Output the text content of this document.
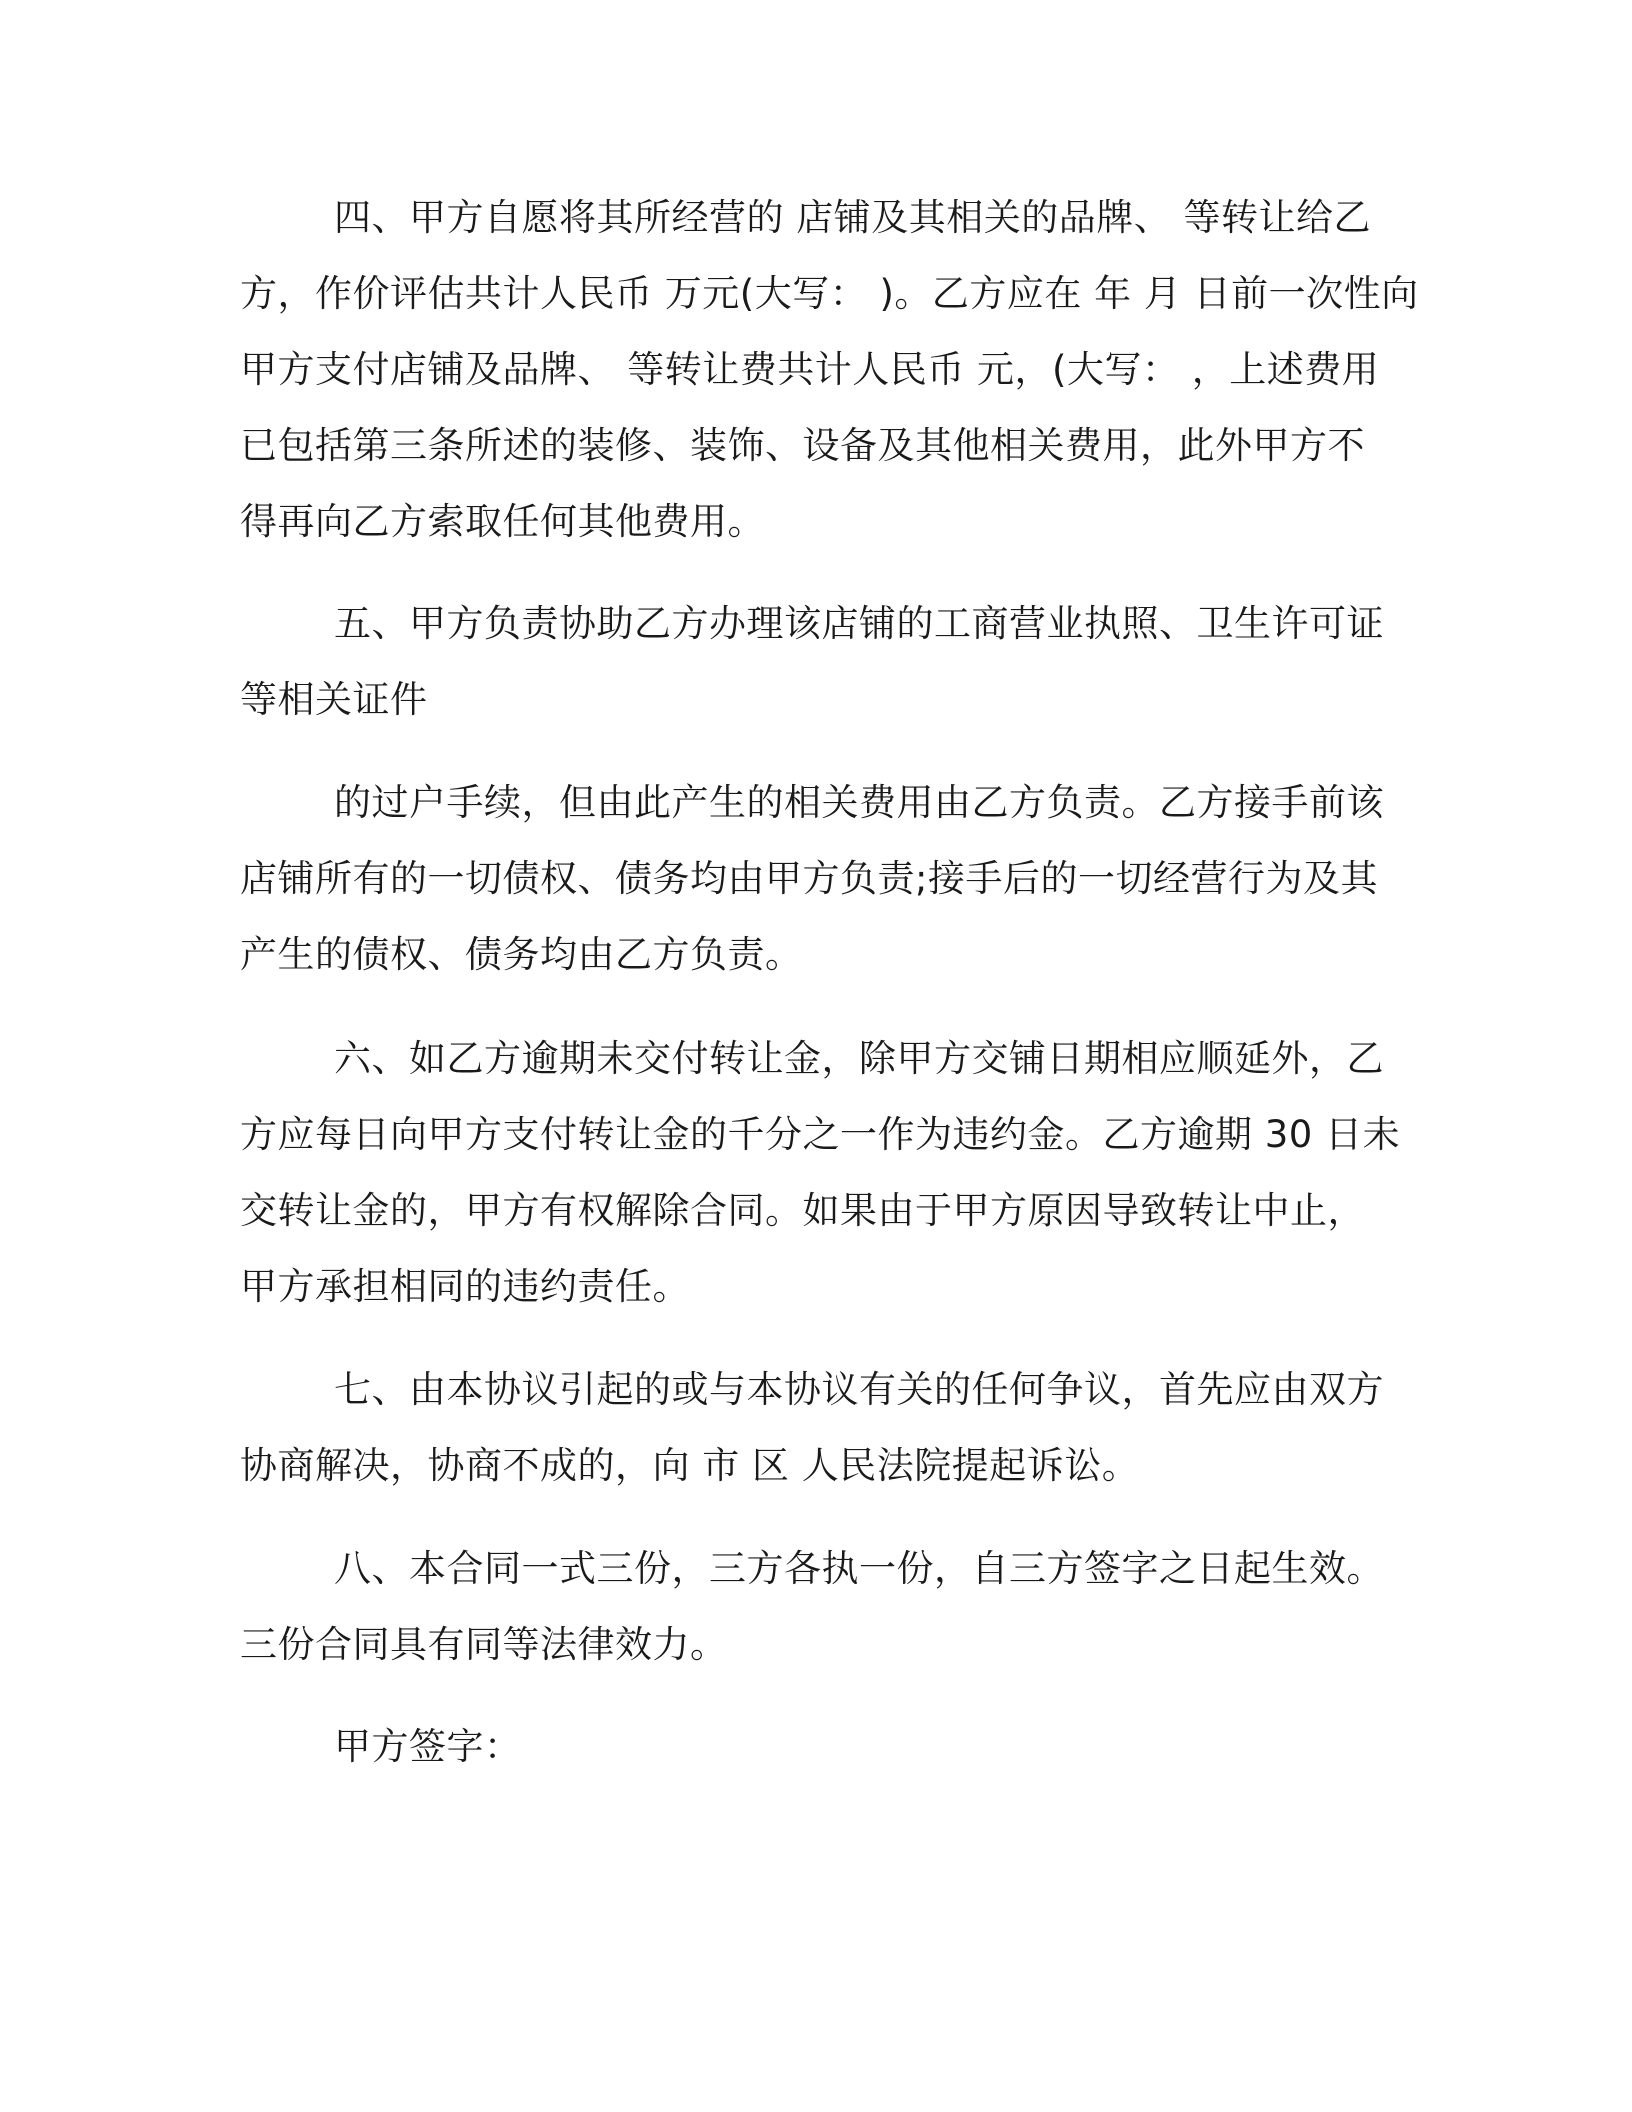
四、甲方自愿将其所经营的 店铺及其相关的品牌、 等转让给乙
方，作价评估共计人民币 万元(大写： )。乙方应在 年 月 日前一次性向
甲方支付店铺及品牌、 等转让费共计人民币 元，(大写： ，上述费用
已包括第三条所述的装修、装饰、设备及其他相关费用，此外甲方不
得再向乙方索取任何其他费用。
五、甲方负责协助乙方办理该店铺的工商营业执照、卫生许可证
等相关证件
的过户手续，但由此产生的相关费用由乙方负责。乙方接手前该
店铺所有的一切债权、债务均由甲方负责;接手后的一切经营行为及其
产生的债权、债务均由乙方负责。
六、如乙方逾期未交付转让金，除甲方交铺日期相应顺延外，乙
方应每日向甲方支付转让金的千分之一作为违约金。乙方逾期 30 日未
交转让金的，甲方有权解除合同。如果由于甲方原因导致转让中止，
甲方承担相同的违约责任。
七、由本协议引起的或与本协议有关的任何争议，首先应由双方
协商解决，协商不成的，向 市 区 人民法院提起诉讼。
八、本合同一式三份，三方各执一份，自三方签字之日起生效。
三份合同具有同等法律效力。
甲方签字：
